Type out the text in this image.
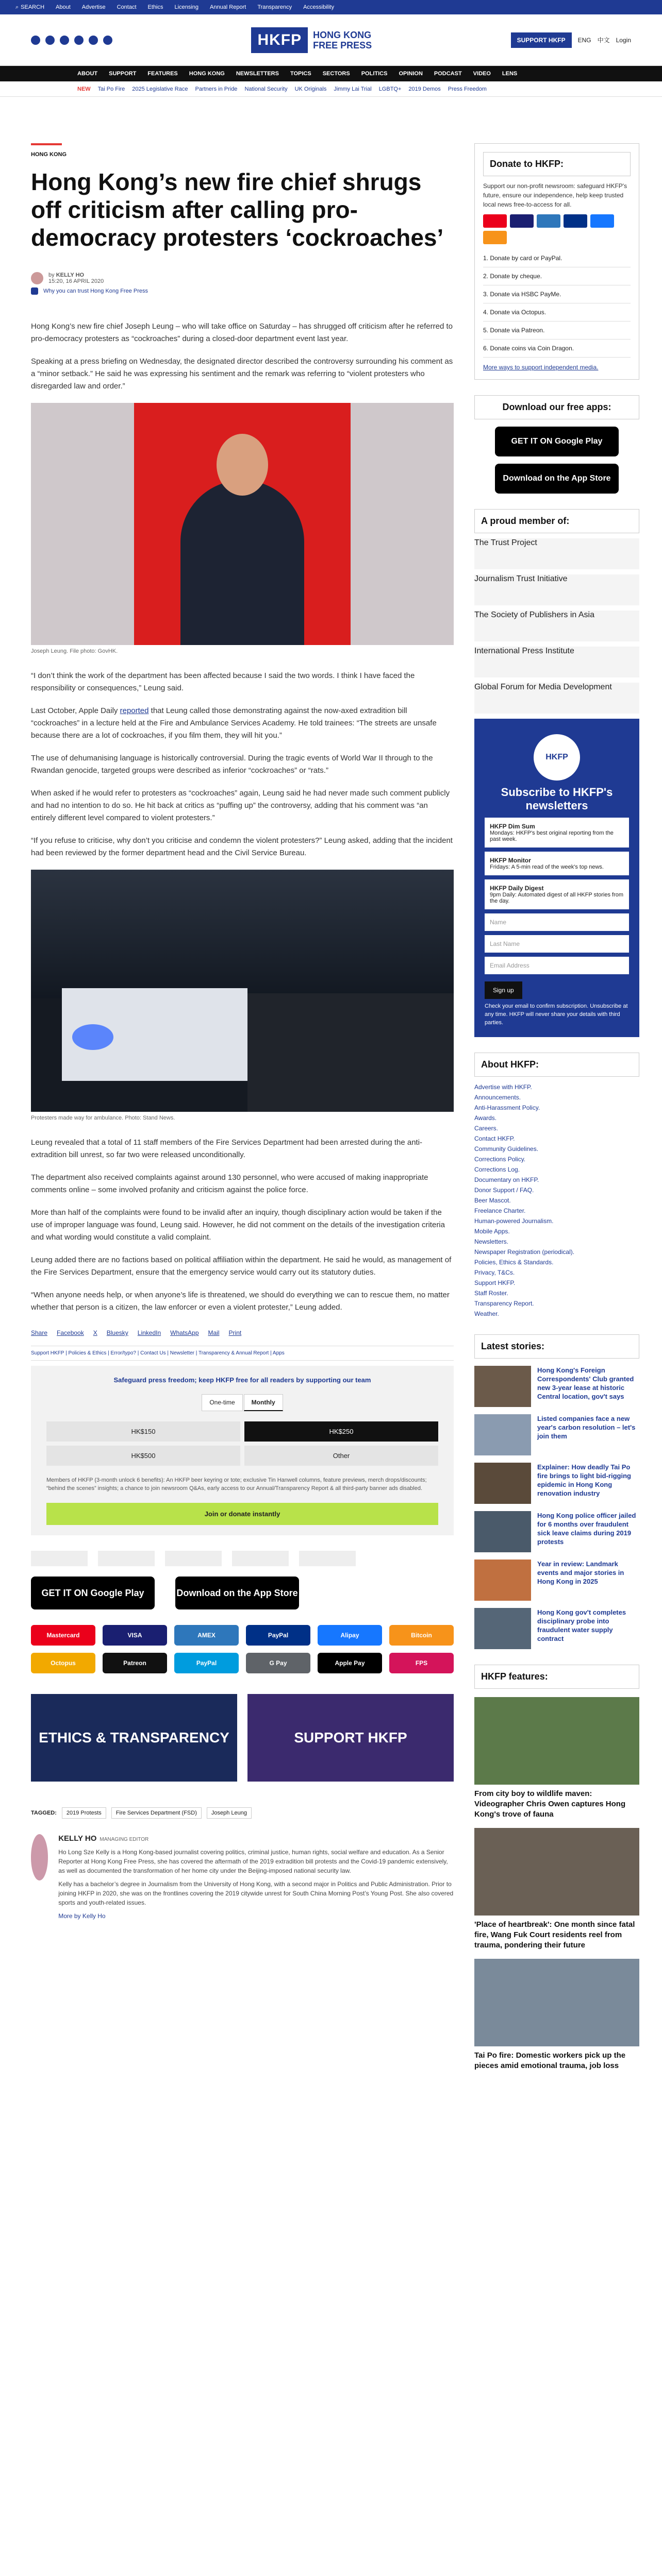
⌕ SEARCH About Advertise Contact Ethics Licensing Annual Report Transparency Accessibility
HKFP	HONG KONG
FREE PRESS	SUPPORT HKFP	ENG 中文 Login
ABOUT SUPPORT FEATURES HONG KONG NEWSLETTERS TOPICS SECTORS POLITICS OPINION PODCAST VIDEO LENS
NEW Tai Po Fire 2025 Legislative Race Partners in Pride National Security UK Originals Jimmy Lai Trial LGBTQ+ 2019 Demos Press Freedom
HONG KONG
Hong Kong’s new fire chief shrugs off criticism after calling pro-democracy protesters ‘cockroaches’
by KELLY HO
15:20, 16 APRIL 2020
Why you can trust Hong Kong Free Press

Hong Kong’s new fire chief Joseph Leung – who will take office on Saturday – has shrugged off criticism after he referred to pro-democracy protesters as “cockroaches” during a closed-door department event last year.

Speaking at a press briefing on Wednesday, the designated director described the controversy surrounding his comment as a “minor setback.” He said he was expressing his sentiment and the remark was referring to “violent protesters who disregarded law and order.”

Joseph Leung. File photo: GovHK.

“I don’t think the work of the department has been affected because I said the two words. I think I have faced the responsibility or consequences,” Leung said.

Last October, Apple Daily reported that Leung called those demonstrating against the now-axed extradition bill “cockroaches” in a lecture held at the Fire and Ambulance Services Academy. He told trainees: “The streets are unsafe because there are a lot of cockroaches, if you film them, they will hit you.”

The use of dehumanising language is historically controversial. During the tragic events of World War II through to the Rwandan genocide, targeted groups were described as inferior “cockroaches” or “rats.”

When asked if he would refer to protesters as “cockroaches” again, Leung said he had never made such comment publicly and had no intention to do so. He hit back at critics as “puffing up” the controversy, adding that his comment was “an entirely different level compared to violent protesters.”

“If you refuse to criticise, why don’t you criticise and condemn the violent protesters?” Leung asked, adding that the incident had been reviewed by the former department head and the Civil Service Bureau.

Protesters made way for ambulance. Photo: Stand News.

Leung revealed that a total of 11 staff members of the Fire Services Department had been arrested during the anti-extradition bill unrest, so far two were released unconditionally.

The department also received complaints against around 130 personnel, who were accused of making inappropriate comments online – some involved profanity and criticism against the police force.

More than half of the complaints were found to be invalid after an inquiry, though disciplinary action would be taken if the use of improper language was found, Leung said. However, he did not comment on the details of the investigation criteria and what wording would constitute a valid complaint.

Leung added there are no factions based on political affiliation within the department. He said he would, as management of the Fire Services Department, ensure that the emergency service would carry out its statutory duties.

“When anyone needs help, or when anyone’s life is threatened, we should do everything we can to rescue them, no matter whether that person is a citizen, the law enforcer or even a violent protester,” Leung added.

Share Facebook X Bluesky LinkedIn WhatsApp Mail Print
Support HKFP | Policies & Ethics | Error/typo? | Contact Us | Newsletter | Transparency & Annual Report | Apps
Safeguard press freedom; keep HKFP free for all readers by supporting our team
One-time	Monthly
HK$150	HK$250
HK$500	Other
Members of HKFP (3-month unlock 6 benefits): An HKFP beer keyring or tote; exclusive Tin Hanwell columns, feature previews, merch drops/discounts; “behind the scenes” insights; a chance to join newsroom Q&As, early access to our Annual/Transparency Report & all third-party banner ads disabled.
Join or donate instantly
GET IT ON Google Play	Download on the App Store
Mastercard	VISA	AMEX	PayPal	Alipay	Bitcoin
Octopus	Patreon	PayPal	G Pay	Apple Pay	FPS
ETHICS & TRANSPARENCY	SUPPORT HKFP
TAGGED:	2019 Protests	Fire Services Department (FSD)	Joseph Leung
KELLY HO MANAGING EDITOR

Ho Long Sze Kelly is a Hong Kong-based journalist covering politics, criminal justice, human rights, social welfare and education. As a Senior Reporter at Hong Kong Free Press, she has covered the aftermath of the 2019 extradition bill protests and the Covid-19 pandemic extensively, as well as documented the transformation of her home city under the Beijing-imposed national security law.

Kelly has a bachelor’s degree in Journalism from the University of Hong Kong, with a second major in Politics and Public Administration. Prior to joining HKFP in 2020, she was on the frontlines covering the 2019 citywide unrest for South China Morning Post’s Young Post. She also covered sports and youth-related issues.

More by Kelly Ho
Donate to HKFP:

Support our non-profit newsroom: safeguard HKFP's future, ensure our independence, help keep trusted local news free-to-access for all.

1. Donate by card or PayPal.
2. Donate by cheque.
3. Donate via HSBC PayMe.
4. Donate via Octopus.
5. Donate via Patreon.
6. Donate coins via Coin Dragon.
More ways to support independent media.
Download our free apps:
GET IT ON Google Play
Download on the App Store
A proud member of:
The Trust Project
Journalism Trust Initiative
The Society of Publishers in Asia
International Press Institute
Global Forum for Media Development
HKFP
Subscribe to HKFP's newsletters
HKFP Dim Sum
Mondays: HKFP's best original reporting from the past week.
HKFP Monitor
Fridays: A 5-min read of the week's top news.
HKFP Daily Digest
9pm Daily: Automated digest of all HKFP stories from the day.
Name
Last Name
Email Address
Sign up
Check your email to confirm subscription. Unsubscribe at any time. HKFP will never share your details with third parties.
About HKFP:
Advertise with HKFP.
Announcements.
Anti-Harassment Policy.
Awards.
Careers.
Contact HKFP.
Community Guidelines.
Corrections Policy.
Corrections Log.
Documentary on HKFP.
Donor Support / FAQ.
Beer Mascot.
Freelance Charter.
Human-powered Journalism.
Mobile Apps.
Newsletters.
Newspaper Registration (periodical).
Policies, Ethics & Standards.
Privacy, T&Cs.
Support HKFP.
Staff Roster.
Transparency Report.
Weather.
Latest stories:
Hong Kong's Foreign Correspondents' Club granted new 3-year lease at historic Central location, gov't says
Listed companies face a new year's carbon resolution – let's join them
Explainer: How deadly Tai Po fire brings to light bid-rigging epidemic in Hong Kong renovation industry
Hong Kong police officer jailed for 6 months over fraudulent sick leave claims during 2019 protests
Year in review: Landmark events and major stories in Hong Kong in 2025
Hong Kong gov't completes disciplinary probe into fraudulent water supply contract
HKFP features:
From city boy to wildlife maven: Videographer Chris Owen captures Hong Kong's trove of fauna
'Place of heartbreak': One month since fatal fire, Wang Fuk Court residents reel from trauma, pondering their future
Tai Po fire: Domestic workers pick up the pieces amid emotional trauma, job loss
